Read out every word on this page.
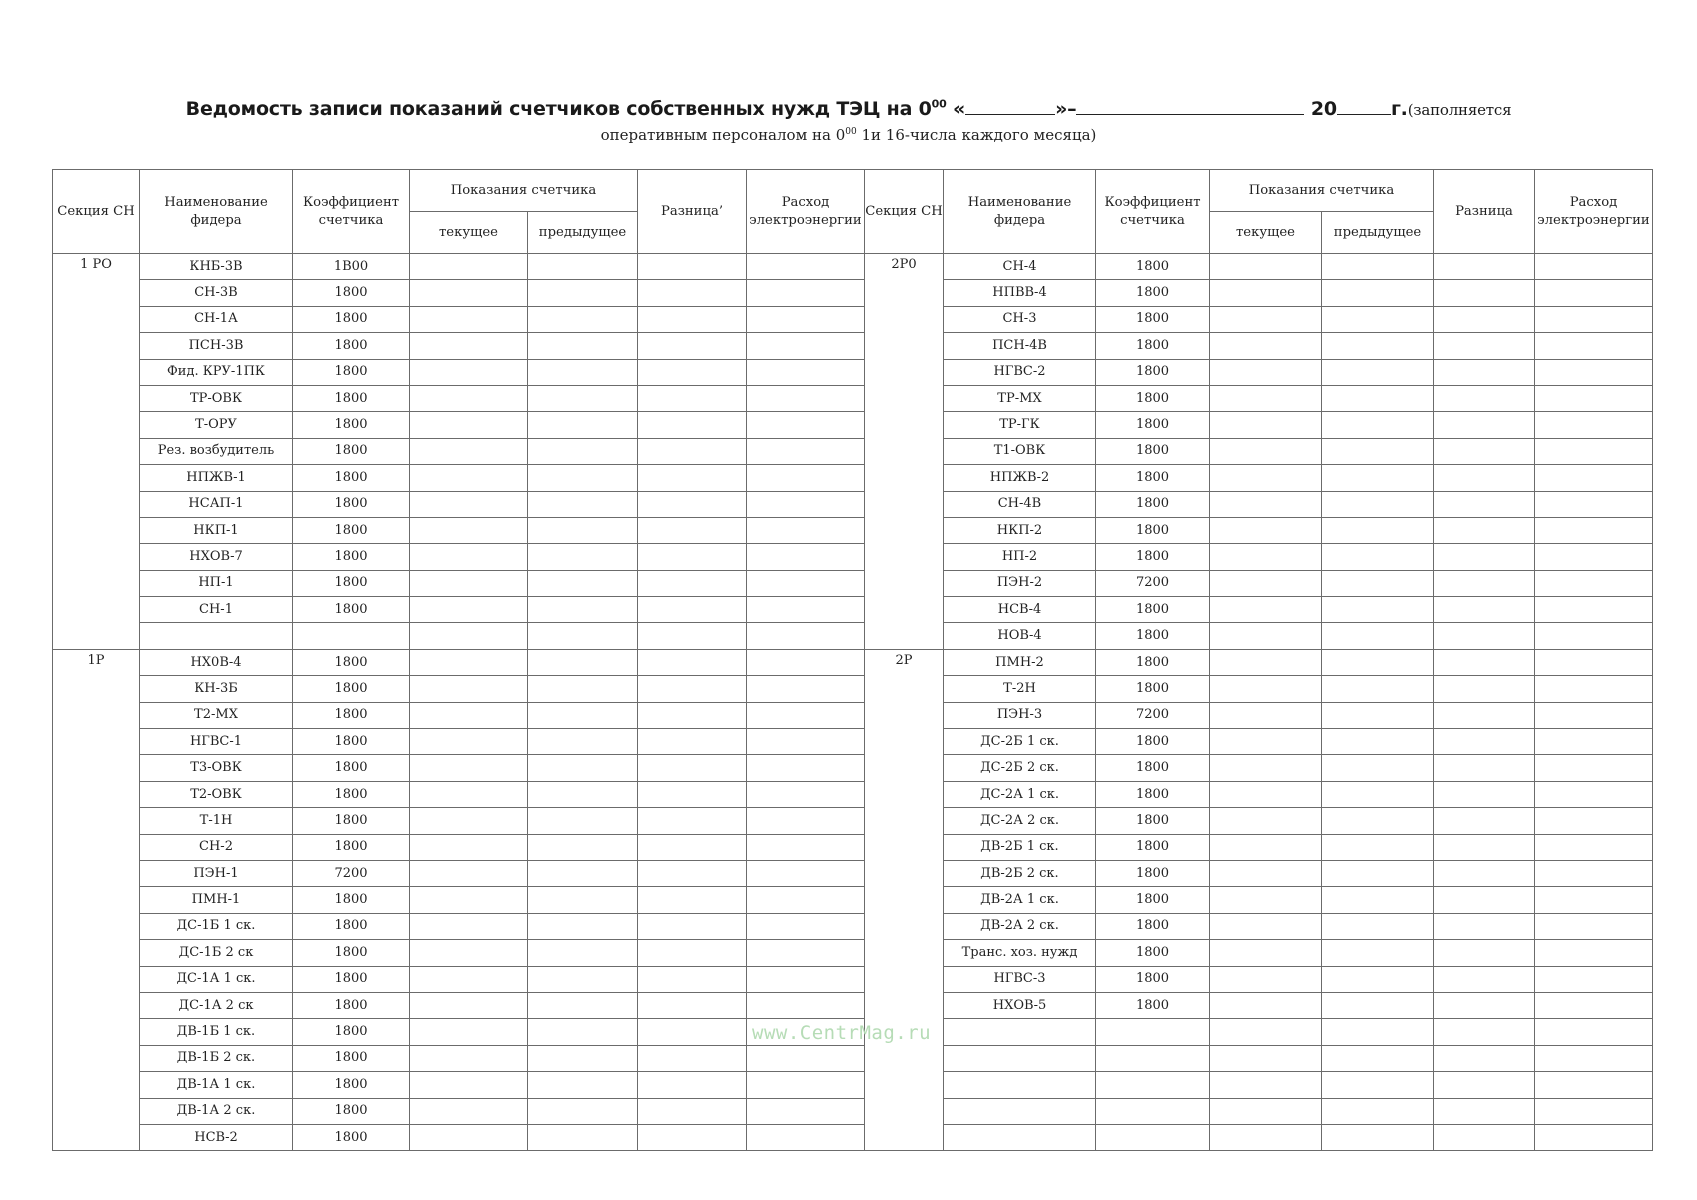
Ведомость записи показаний счетчиков собственных нужд ТЭЦ на $0^{00}$ «	»–	20	г.(заполняется
оперативным персоналом на $0^{00}$ 1и 16-числа каждого месяца)
Секция СН	Наименование фидера	Коэффициент счетчика	Показания счетчика		Разница’	Расход электроэнергии	Секция СН	Наименование фидера	Коэффициент счетчика	Показания счетчика		Разница	Расход электроэнергии
			текущее	предыдущее						текущее	предыдущее		
1 РО	КНБ-3В	1В00					2Р0	СН-4	1800				
	СН-3В	1800						НПВВ-4	1800				
	СН-1А	1800						СН-3	1800				
	ПСН-3В	1800						ПСН-4В	1800				
	Фид. КРУ-1ПК	1800						НГВС-2	1800				
	ТР-ОВК	1800						ТР-МХ	1800				
	Т-ОРУ	1800						ТР-ГК	1800				
	Рез. возбудитель	1800						Т1-ОВК	1800				
	НПЖВ-1	1800						НПЖВ-2	1800				
	НСАП-1	1800						СН-4В	1800				
	НКП-1	1800						НКП-2	1800				
	НХОВ-7	1800						НП-2	1800				
	НП-1	1800						ПЭН-2	7200				
	СН-1	1800						НСВ-4	1800				
								НОВ-4	1800				
1Р	НХ0В-4	1800					2Р	ПМН-2	1800				
	КН-3Б	1800						Т-2Н	1800				
	Т2-МХ	1800						ПЭН-3	7200				
	НГВС-1	1800						ДС-2Б 1 ск.	1800				
	Т3-ОВК	1800						ДС-2Б 2 ск.	1800				
	Т2-ОВК	1800						ДС-2А 1 ск.	1800				
	Т-1Н	1800						ДС-2А 2 ск.	1800				
	СН-2	1800						ДВ-2Б 1 ск.	1800				
	ПЭН-1	7200						ДВ-2Б 2 ск.	1800				
	ПМН-1	1800						ДВ-2А 1 ск.	1800				
	ДС-1Б 1 ск.	1800						ДВ-2А 2 ск.	1800				
	ДС-1Б 2 ск	1800						Транс. хоз. нужд	1800				
	ДС-1А 1 ск.	1800						НГВС-3	1800				
	ДС-1А 2 ск	1800						НХОВ-5	1800				
	ДВ-1Б 1 ск.	1800											
	ДВ-1Б 2 ск.	1800											
	ДВ-1А 1 ск.	1800											
	ДВ-1А 2 ск.	1800											
	НСВ-2	1800											
www.CentrMag.ru
